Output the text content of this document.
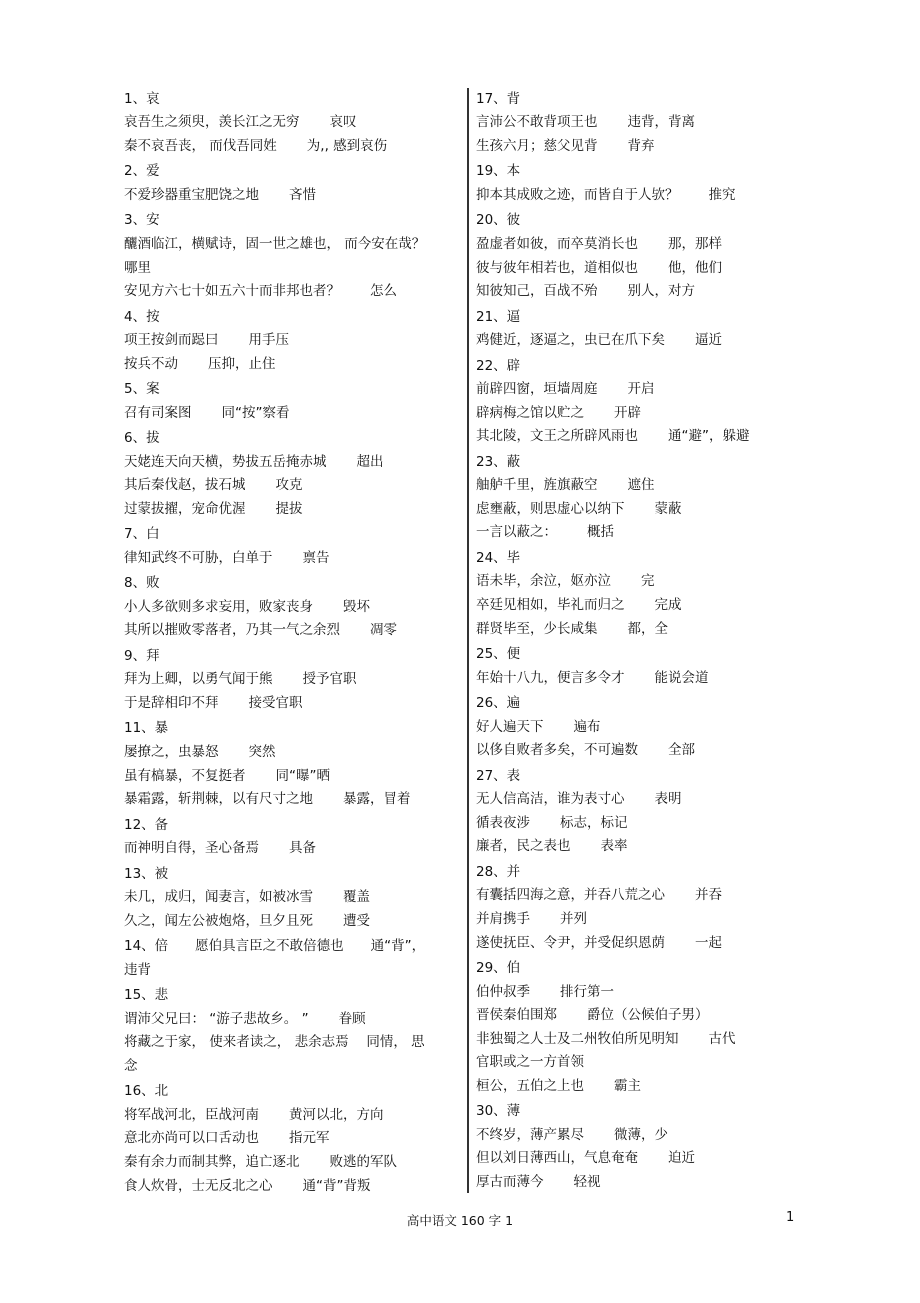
1、哀
哀吾生之须臾，羡长江之无穷 哀叹
秦不哀吾丧， 而伐吾同姓 为,, 感到哀伤
2、爱
不爱珍器重宝肥饶之地 吝惜
3、安
釃酒临江，横赋诗，固一世之雄也， 而今安在哉？
哪里
安见方六七十如五六十而非邦也者？ 怎么
4、按
项王按剑而跽曰 用手压
按兵不动 压抑，止住
5、案
召有司案图 同“按”察看
6、拔
天姥连天向天横，势拔五岳掩赤城 超出
其后秦伐赵，拔石城 攻克
过蒙拔擢，宠命优渥 提拔
7、白
律知武终不可胁，白单于 禀告
8、败
小人多欲则多求妄用，败家丧身 毁坏
其所以摧败零落者，乃其一气之余烈 凋零
9、拜
拜为上卿，以勇气闻于熊 授予官职
于是辞相印不拜 接受官职
11、暴
屡撩之，虫暴怒 突然
虽有槁暴，不复挺者 同“曝”晒
暴霜露，斩荆棘，以有尺寸之地 暴露，冒着
12、备
而神明自得，圣心备焉 具备
13、被
未几，成归，闻妻言，如被冰雪 覆盖
久之，闻左公被炮烙，旦夕且死 遭受
14、倍　　愿伯具言臣之不敢倍德也　　通“背”，
违背
15、悲
谓沛父兄曰： “游子悲故乡。 ” 眷顾
将藏之于家， 使来者读之， 悲余志焉　 同情， 思
念
16、北
将军战河北，臣战河南 黄河以北，方向
意北亦尚可以口舌动也 指元军
秦有余力而制其弊，追亡逐北 败逃的军队
食人炊骨，士无反北之心 通“背”背叛
17、背
言沛公不敢背项王也 违背，背离
生孩六月；慈父见背 背弃
19、本
抑本其成败之迹，而皆自于人欤？ 推究
20、彼
盈虚者如彼，而卒莫消长也 那，那样
彼与彼年相若也，道相似也 他，他们
知彼知己，百战不殆 别人，对方
21、逼
鸡健近，逐逼之，虫已在爪下矣 逼近
22、辟
前辟四窗，垣墙周庭 开启
辟病梅之馆以贮之 开辟
其北陵，文王之所辟风雨也 通“避”，躲避
23、蔽
舳舻千里，旌旗蔽空 遮住
虑壅蔽，则思虚心以纳下 蒙蔽
一言以蔽之： 概括
24、毕
语未毕，余泣，妪亦泣 完
卒廷见相如，毕礼而归之 完成
群贤毕至，少长咸集 都，全
25、便
年始十八九，便言多令才 能说会道
26、遍
好人遍天下 遍布
以侈自败者多矣，不可遍数 全部
27、表
无人信高洁，谁为表寸心 表明
循表夜涉 标志，标记
廉者，民之表也 表率
28、并
有囊括四海之意，并吞八荒之心 并吞
并肩携手 并列
遂使抚臣、令尹，并受促织恩荫 一起
29、伯
伯仲叔季 排行第一
晋侯秦伯围郑 爵位（公候伯子男）
非独蜀之人士及二州牧伯所见明知 古代
官职或之一方首领
桓公，五伯之上也 霸主
30、薄
不终岁，薄产累尽 微薄，少
但以刘日薄西山，气息奄奄 迫近
厚古而薄今 轻视
高中语文 160 字 1	1
